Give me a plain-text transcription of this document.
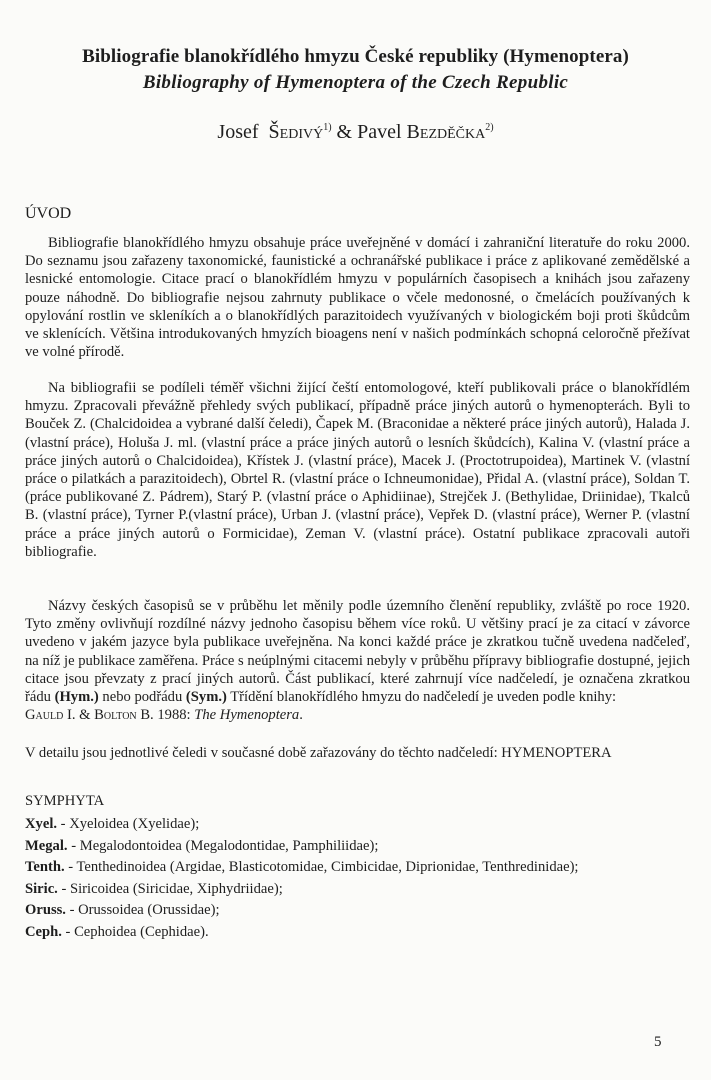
Bibliografie blanokřídlého hmyzu České republiky (Hymenoptera)
Bibliography of Hymenoptera of the Czech Republic
Josef Šedivý$^{1)}$ & Pavel Bezděčka$^{2)}$
ÚVOD

Bibliografie blanokřídlého hmyzu obsahuje práce uveřejněné v domácí i zahraniční literatuře do roku 2000. Do seznamu jsou zařazeny taxonomické, faunistické a ochranářské publikace i práce z aplikované zemědělské a lesnické entomologie. Citace prací o blanokřídlém hmyzu v populárních časopisech a knihách jsou zařazeny pouze náhodně. Do bibliografie nejsou zahrnuty publikace o včele medonosné, o čmelácích používaných k opylování rostlin ve skleníkích a o blanokřídlých parazitoidech využívaných v biologickém boji proti škůdcům ve sklenících. Většina introdukovaných hmyzích bioagens není v našich podmínkách schopná celoročně přežívat ve volné přírodě.

Na bibliografii se podíleli téměř všichni žijící čeští entomologové, kteří publikovali práce o blanokřídlém hmyzu. Zpracovali převážně přehledy svých publikací, případně práce jiných autorů o hymenopterách. Byli to Bouček Z. (Chalcidoidea a vybrané další čeledi), Čapek M. (Braconidae a některé práce jiných autorů), Halada J. (vlastní práce), Holuša J. ml. (vlastní práce a práce jiných autorů o lesních škůdcích), Kalina V. (vlastní práce a práce jiných autorů o Chalcidoidea), Křístek J. (vlastní práce), Macek J. (Proctotrupoidea), Martinek V. (vlastní práce o pilatkách a parazitoidech), Obrtel R. (vlastní práce o Ichneumonidae), Přidal A. (vlastní práce), Soldan T. (práce publikované Z. Pádrem), Starý P. (vlastní práce o Aphidiinae), Strejček J. (Bethylidae, Driinidae), Tkalců B. (vlastní práce), Tyrner P.(vlastní práce), Urban J. (vlastní práce), Vepřek D. (vlastní práce), Werner P. (vlastní práce a práce jiných autorů o Formicidae), Zeman V. (vlastní práce). Ostatní publikace zpracovali autoři bibliografie.

Názvy českých časopisů se v průběhu let měnily podle územního členění republiky, zvláště po roce 1920. Tyto změny ovlivňují rozdílné názvy jednoho časopisu během více roků. U většiny prací je za citací v závorce uvedeno v jakém jazyce byla publikace uveřejněna. Na konci každé práce je zkratkou tučně uvedena nadčeleď, na níž je publikace zaměřena. Práce s neúplnými citacemi nebyly v průběhu přípravy bibliografie dostupné, jejich citace jsou převzaty z prací jiných autorů. Část publikací, které zahrnují více nadčeledí, je označena zkratkou řádu (Hym.) nebo podřádu (Sym.) Třídění blanokřídlého hmyzu do nadčeledí je uveden podle knihy:

Gauld I. & Bolton B. 1988: The Hymenoptera.

V detailu jsou jednotlivé čeledi v současné době zařazovány do těchto nadčeledí: HYMENOPTERA
SYMPHYTA
Xyel. - Xyeloidea (Xyelidae);
Megal. - Megalodontoidea (Megalodontidae, Pamphiliidae);
Tenth. - Tenthedinoidea (Argidae, Blasticotomidae, Cimbicidae, Diprionidae, Tenthredinidae);
Siric. - Siricoidea (Siricidae, Xiphydriidae);
Oruss. - Orussoidea (Orussidae);
Ceph. - Cephoidea (Cephidae).
5
